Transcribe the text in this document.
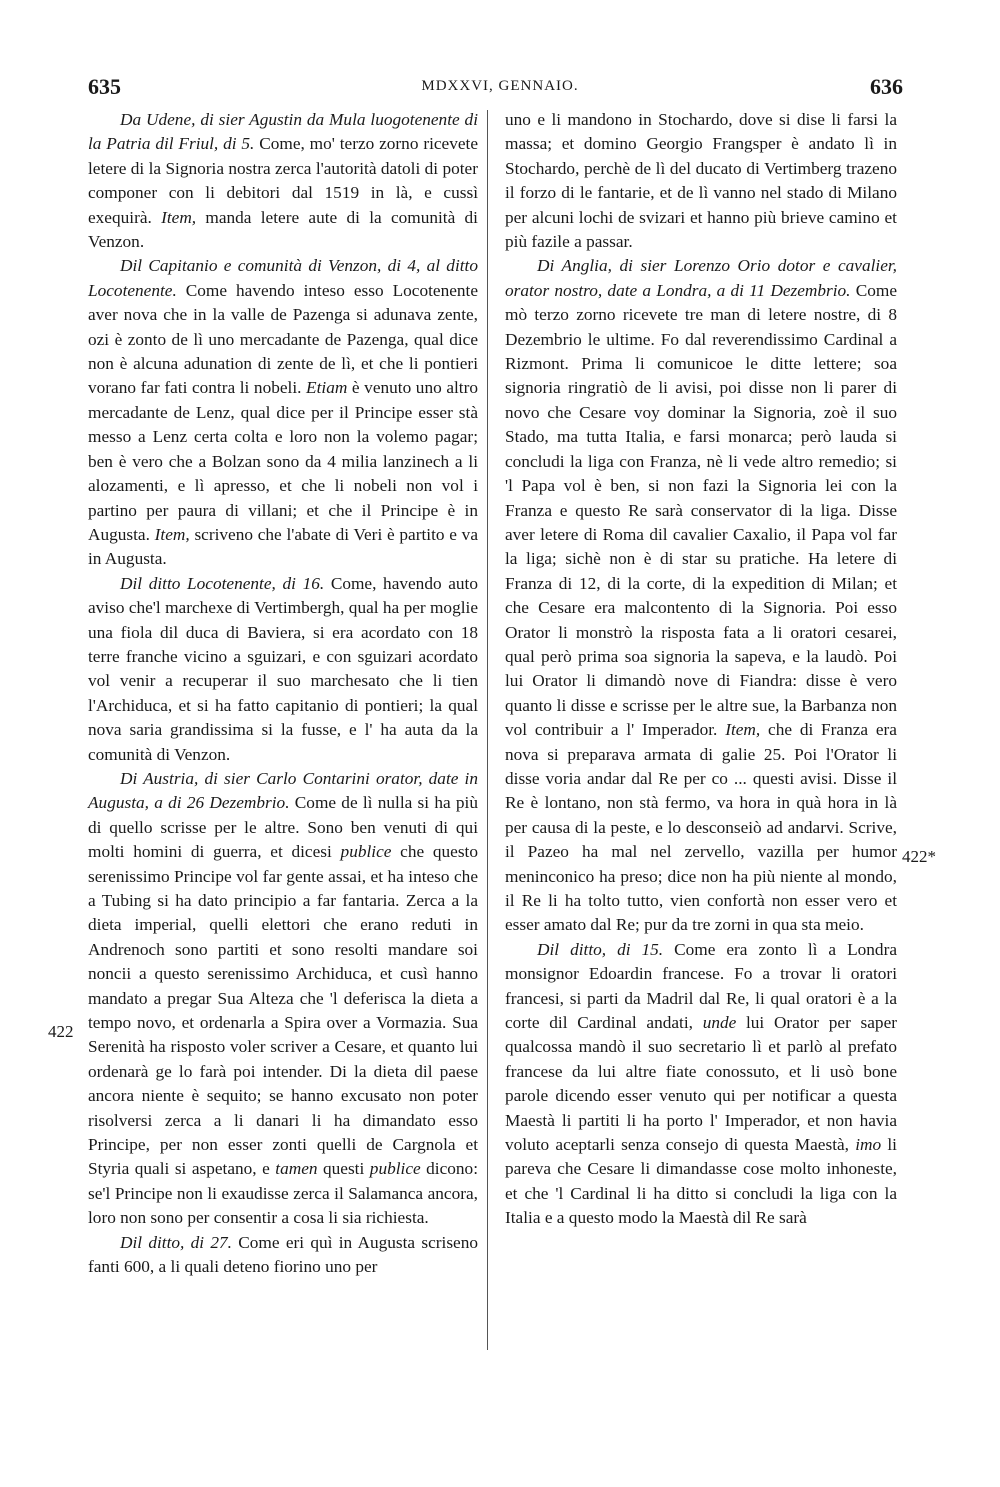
635	MDXXVI, GENNAIO.	636

Da Udene, di sier Agustin da Mula luogotenente di la Patria dil Friul, di 5. Come, mo' terzo zorno ricevete letere di la Signoria nostra zerca l'autorità datoli di poter componer con li debitori dal 1519 in là, e cussì exequirà. Item, manda letere aute di la comunità di Venzon.

Dil Capitanio e comunità di Venzon, di 4, al ditto Locotenente. Come havendo inteso esso Locotenente aver nova che in la valle de Pazenga si adunava zente, ozi è zonto de lì uno mercadante de Pazenga, qual dice non è alcuna adunation di zente de lì, et che li pontieri vorano far fati contra li nobeli. Etiam è venuto uno altro mercadante de Lenz, qual dice per il Principe esser stà messo a Lenz certa colta e loro non la volemo pagar; ben è vero che a Bolzan sono da 4 milia lanzinech a li alozamenti, e lì apresso, et che li nobeli non vol i partino per paura di villani; et che il Principe è in Augusta. Item, scriveno che l'abate di Veri è partito e va in Augusta.

Dil ditto Locotenente, di 16. Come, havendo auto aviso che'l marchexe di Vertimbergh, qual ha per moglie una fiola dil duca di Baviera, si era acordato con 18 terre franche vicino a sguizari, e con sguizari acordato vol venir a recuperar il suo marchesato che li tien l'Archiduca, et si ha fatto capitanio di pontieri; la qual nova saria grandissima si la fusse, e l' ha auta da la comunità di Venzon.

Di Austria, di sier Carlo Contarini orator, date in Augusta, a di 26 Dezembrio. Come de lì nulla si ha più di quello scrisse per le altre. Sono ben venuti di qui molti homini di guerra, et dicesi publice che questo serenissimo Principe vol far gente assai, et ha inteso che a Tubing si ha dato principio a far fantaria. Zerca a la dieta imperial, quelli elettori che erano reduti in Andrenoch sono partiti et sono resolti mandare soi noncii a questo serenissimo Archiduca, et cusì hanno mandato a pregar Sua Alteza che 'l deferisca la dieta a tempo novo, et ordenarla a Spira over a Vormazia. Sua Serenità ha risposto voler scriver a Cesare, et quanto lui ordenarà ge lo farà poi intender. Di la dieta dil paese ancora niente è sequito; se hanno excusato non poter risolversi zerca a li danari li ha dimandato esso Principe, per non esser zonti quelli de Cargnola et Styria quali si aspetano, e tamen questi publice dicono: se'l Principe non li exaudisse zerca il Salamanca ancora, loro non sono per consentir a cosa li sia richiesta.

Dil ditto, di 27. Come eri quì in Augusta scriseno fanti 600, a li quali deteno fiorino uno per

uno e li mandono in Stochardo, dove si dise li farsi la massa; et domino Georgio Frangsper è andato lì in Stochardo, perchè de lì del ducato di Vertimberg trazeno il forzo di le fantarie, et de lì vanno nel stado di Milano per alcuni lochi de svizari et hanno più brieve camino et più fazile a passar.

Di Anglia, di sier Lorenzo Orio dotor e cavalier, orator nostro, date a Londra, a di 11 Dezembrio. Come mò terzo zorno ricevete tre man di letere nostre, di 8 Dezembrio le ultime. Fo dal reverendissimo Cardinal a Rizmont. Prima li comunicoe le ditte lettere; soa signoria ringratiò de li avisi, poi disse non li parer di novo che Cesare voy dominar la Signoria, zoè il suo Stado, ma tutta Italia, e farsi monarca; però lauda si concludi la liga con Franza, nè li vede altro remedio; si 'l Papa vol è ben, si non fazi la Signoria lei con la Franza e questo Re sarà conservator di la liga. Disse aver letere di Roma dil cavalier Caxalio, il Papa vol far la liga; sichè non è di star su pratiche. Ha letere di Franza di 12, di la corte, di la expedition di Milan; et che Cesare era malcontento di la Signoria. Poi esso Orator li monstrò la risposta fata a li oratori cesarei, qual però prima soa signoria la sapeva, e la laudò. Poi lui Orator li dimandò nove di Fiandra: disse è vero quanto li disse e scrisse per le altre sue, la Barbanza non vol contribuir a l' Imperador. Item, che di Franza era nova si preparava armata di galie 25. Poi l'Orator li disse voria andar dal Re per co ... questi avisi. Disse il Re è lontano, non stà fermo, va hora in quà hora in là per causa di la peste, e lo desconseiò ad andarvi. Scrive, il Pazeo ha mal nel zervello, vazilla per humor meninconico ha preso; dice non ha più niente al mondo, il Re li ha tolto tutto, vien confortà non esser vero et esser amato dal Re; pur da tre zorni in qua sta meio.

Dil ditto, di 15. Come era zonto lì a Londra monsignor Edoardin francese. Fo a trovar li oratori francesi, si parti da Madril dal Re, li qual oratori è a la corte dil Cardinal andati, unde lui Orator per saper qualcossa mandò il suo secretario lì et parlò al prefato francese da lui altre fiate conossuto, et li usò bone parole dicendo esser venuto qui per notificar a questa Maestà li partiti li ha porto l' Imperador, et non havia voluto aceptarli senza consejo di questa Maestà, imo li pareva che Cesare li dimandasse cose molto inhoneste, et che 'l Cardinal li ha ditto si concludi la liga con la Italia e a questo modo la Maestà dil Re sarà

422
422*
